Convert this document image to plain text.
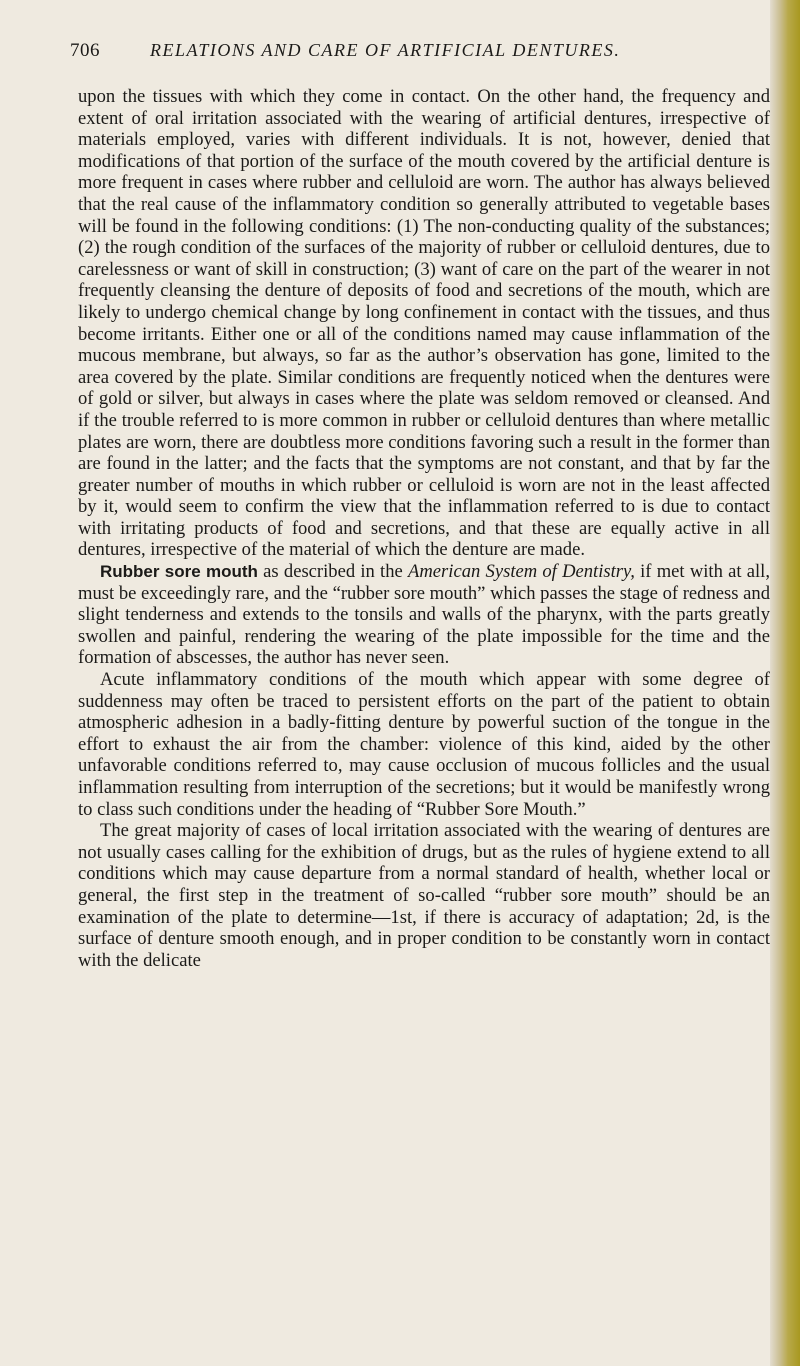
706	RELATIONS AND CARE OF ARTIFICIAL DENTURES.

upon the tissues with which they come in contact. On the other hand, the frequency and extent of oral irritation associated with the wearing of artificial dentures, irrespective of materials employed, varies with different individuals. It is not, however, denied that modifications of that portion of the surface of the mouth covered by the artificial denture is more frequent in cases where rubber and celluloid are worn. The author has always believed that the real cause of the inflammatory condition so generally attributed to vegetable bases will be found in the following conditions: (1) The non-conducting quality of the substances; (2) the rough condition of the surfaces of the majority of rubber or celluloid dentures, due to carelessness or want of skill in construction; (3) want of care on the part of the wearer in not frequently cleansing the denture of deposits of food and secretions of the mouth, which are likely to undergo chemical change by long confinement in contact with the tissues, and thus become irritants. Either one or all of the conditions named may cause inflammation of the mucous membrane, but always, so far as the author’s observation has gone, limited to the area covered by the plate. Similar conditions are frequently noticed when the dentures were of gold or silver, but always in cases where the plate was seldom removed or cleansed. And if the trouble referred to is more common in rubber or celluloid dentures than where metallic plates are worn, there are doubtless more conditions favoring such a result in the former than are found in the latter; and the facts that the symptoms are not constant, and that by far the greater number of mouths in which rubber or celluloid is worn are not in the least affected by it, would seem to confirm the view that the inflammation referred to is due to contact with irritating products of food and secretions, and that these are equally active in all dentures, irrespective of the material of which the denture are made.

Rubber sore mouth as described in the American System of Dentistry, if met with at all, must be exceedingly rare, and the “rubber sore mouth” which passes the stage of redness and slight tenderness and extends to the tonsils and walls of the pharynx, with the parts greatly swollen and painful, rendering the wearing of the plate impossible for the time and the formation of abscesses, the author has never seen.

Acute inflammatory conditions of the mouth which appear with some degree of suddenness may often be traced to persistent efforts on the part of the patient to obtain atmospheric adhesion in a badly-fitting denture by powerful suction of the tongue in the effort to exhaust the air from the chamber: violence of this kind, aided by the other unfavorable conditions referred to, may cause occlusion of mucous follicles and the usual inflammation resulting from interruption of the secretions; but it would be manifestly wrong to class such conditions under the heading of “Rubber Sore Mouth.”

The great majority of cases of local irritation associated with the wearing of dentures are not usually cases calling for the exhibition of drugs, but as the rules of hygiene extend to all conditions which may cause departure from a normal standard of health, whether local or general, the first step in the treatment of so-called “rubber sore mouth” should be an examination of the plate to determine—1st, if there is accuracy of adaptation; 2d, is the surface of denture smooth enough, and in proper condition to be constantly worn in contact with the delicate
